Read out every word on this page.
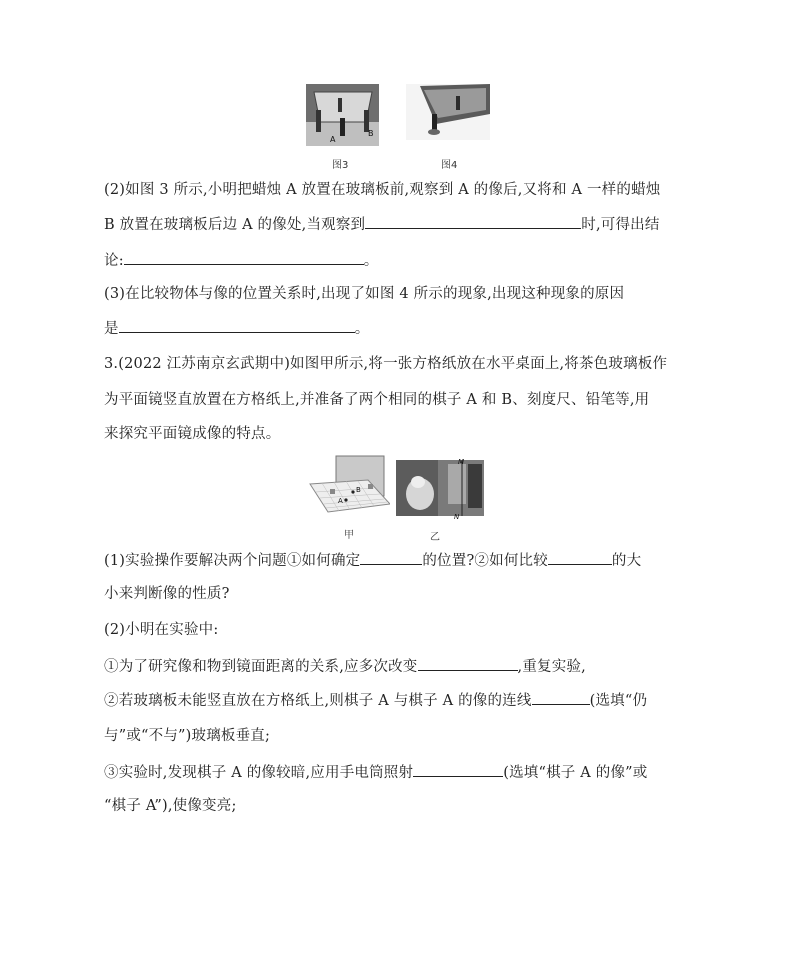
A
B
图3	图4
(2)如图 3 所示,小明把蜡烛 A 放置在玻璃板前,观察到 A 的像后,又将和 A 一样的蜡烛
B 放置在玻璃板后边 A 的像处,当观察到	时,可得出结
论:	。
(3)在比较物体与像的位置关系时,出现了如图 4 所示的现象,出现这种现象的原因
是	。
3.(2022 江苏南京玄武期中)如图甲所示,将一张方格纸放在水平桌面上,将茶色玻璃板作
为平面镜竖直放置在方格纸上,并准备了两个相同的棋子 A 和 B、刻度尺、铅笔等,用
来探究平面镜成像的特点。
A
B
甲
M
N
乙
(1)实验操作要解决两个问题①如何确定	的位置?②如何比较	的大
小来判断像的性质?
(2)小明在实验中:
①为了研究像和物到镜面距离的关系,应多次改变	,重复实验,
②若玻璃板未能竖直放在方格纸上,则棋子 A 与棋子 A 的像的连线	(选填“仍
与”或“不与”)玻璃板垂直;
③实验时,发现棋子 A 的像较暗,应用手电筒照射	(选填“棋子 A 的像”或
“棋子 A”),使像变亮;
